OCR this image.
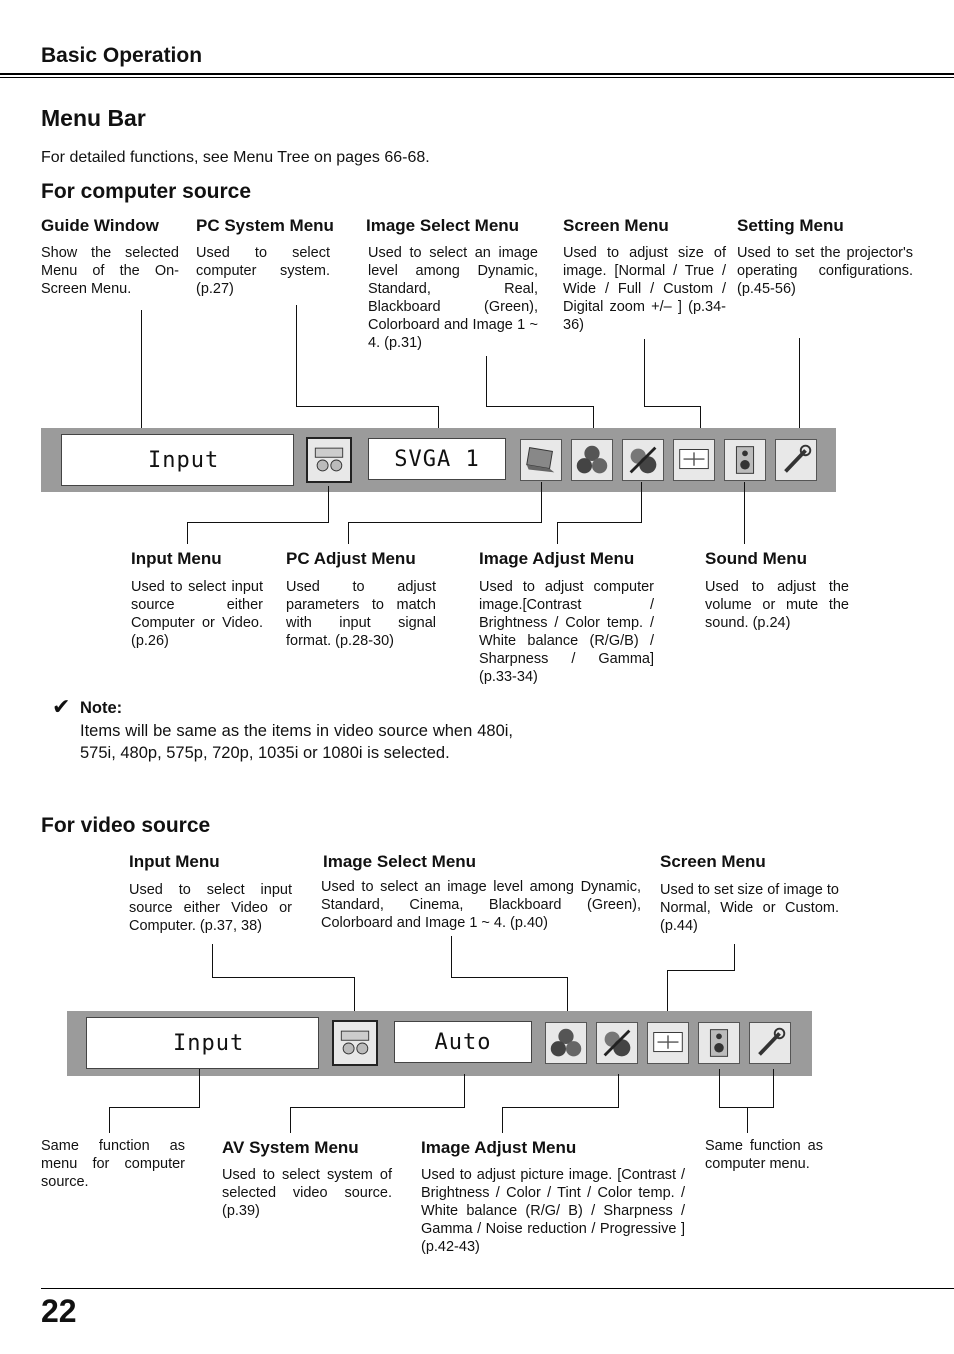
Basic Operation
Menu Bar
For detailed functions, see Menu Tree on pages 66-68.
For computer source
Guide Window
Show the selected Menu of the On-Screen Menu.
PC System Menu
Used to select computer system. (p.27)
Image Select Menu
Used to select an image level among Dynamic, Standard, Real, Blackboard (Green), Colorboard and Image 1 ~ 4. (p.31)
Screen Menu
Used to adjust size of image. [Normal / True / Wide / Full / Custom / Digital zoom +/– ] (p.34-36)
Setting Menu
Used to set the projector's operating configurations. (p.45-56)
Input	SVGA 1
Input Menu
Used to select input source either Computer or Video. (p.26)
PC Adjust Menu
Used to adjust parameters to match with input signal format. (p.28-30)
Image Adjust Menu
Used to adjust computer image.[Contrast / Brightness / Color temp. / White balance (R/G/B) / Sharpness / Gamma] (p.33-34)
Sound Menu
Used to adjust the volume or mute the sound. (p.24)
✔ Note:
Items will be same as the items in video source when 480i, 575i, 480p, 575p, 720p, 1035i or 1080i is selected.
For video source
Input Menu
Used to select input source either Video or Computer. (p.37, 38)
Image Select Menu
Used to select an image level among Dynamic, Standard, Cinema, Blackboard (Green), Colorboard and Image 1 ~ 4. (p.40)
Screen Menu
Used to set size of image to Normal, Wide or Custom. (p.44)
Input	Auto
Same function as menu for computer source.
AV System Menu
Used to select system of selected video source. (p.39)
Image Adjust Menu
Used to adjust picture image. [Contrast / Brightness / Color / Tint / Color temp. / White balance (R/G/ B) / Sharpness / Gamma / Noise reduction / Progressive ] (p.42-43)
Same function as computer menu.
22
